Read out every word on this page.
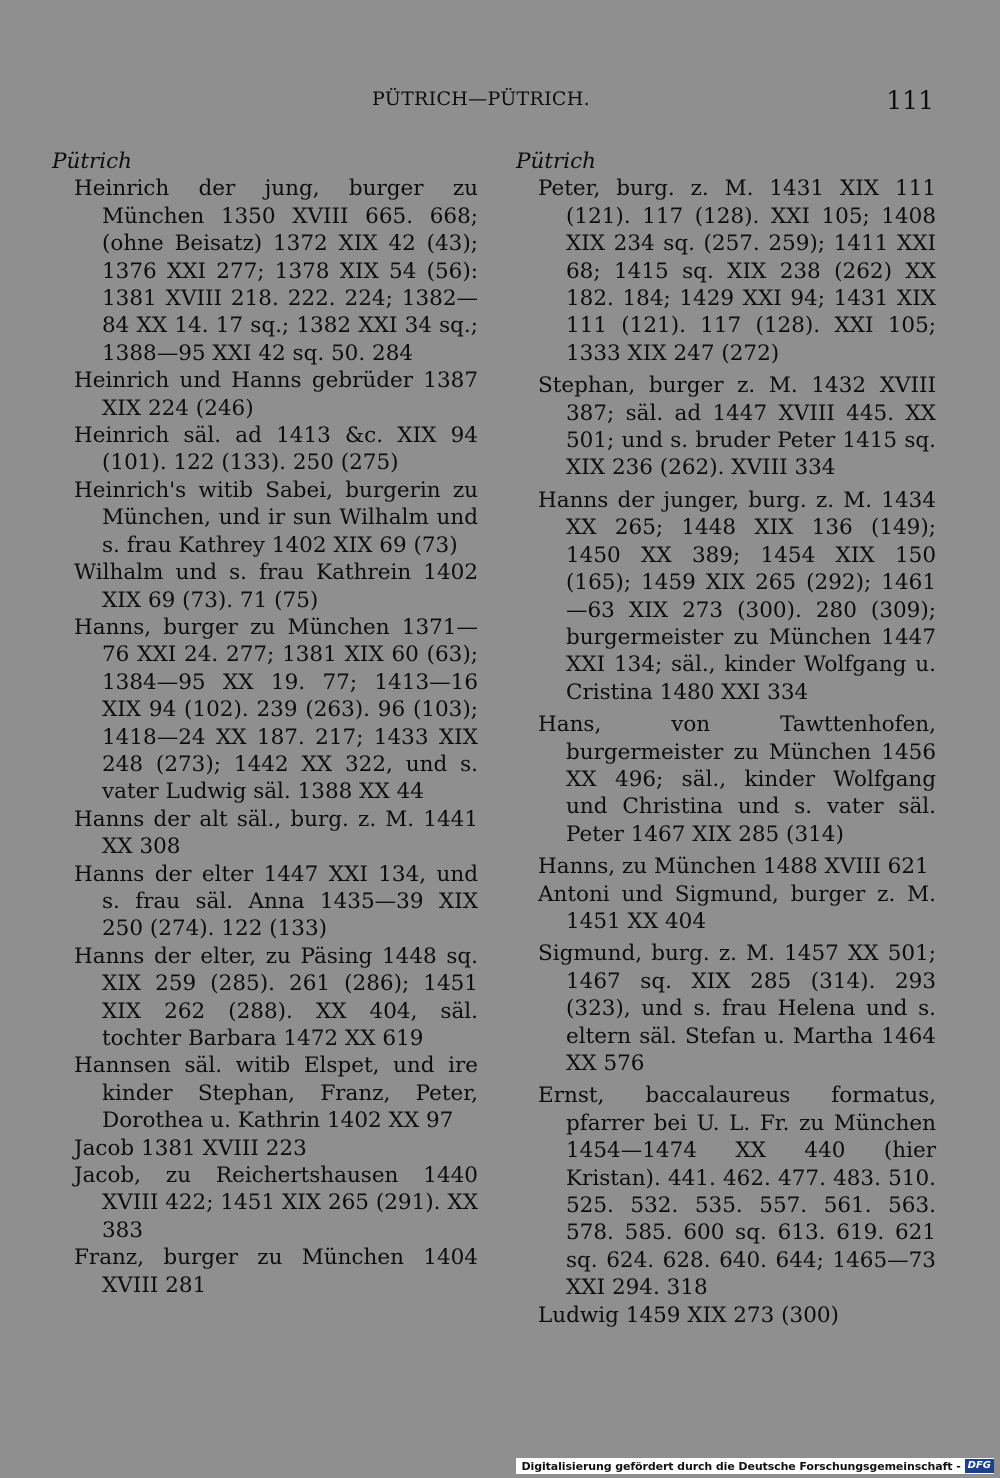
PÜTRICH—PÜTRICH.	111
Pütrich
Heinrich der jung, burger zu München 1350 XVIII 665. 668; (ohne Beisatz) 1372 XIX 42 (43); 1376 XXI 277; 1378 XIX 54 (56): 1381 XVIII 218. 222. 224; 1382—84 XX 14. 17 sq.; 1382 XXI 34 sq.; 1388—95 XXI 42 sq. 50. 284
Heinrich und Hanns gebrüder 1387 XIX 224 (246)
Heinrich säl. ad 1413 &c. XIX 94 (101). 122 (133). 250 (275)
Heinrich's witib Sabei, burgerin zu München, und ir sun Wilhalm und s. frau Kathrey 1402 XIX 69 (73)
Wilhalm und s. frau Kathrein 1402 XIX 69 (73). 71 (75)
Hanns, burger zu München 1371—76 XXI 24. 277; 1381 XIX 60 (63); 1384—95 XX 19. 77; 1413—16 XIX 94 (102). 239 (263). 96 (103); 1418—24 XX 187. 217; 1433 XIX 248 (273); 1442 XX 322, und s. vater Ludwig säl. 1388 XX 44
Hanns der alt säl., burg. z. M. 1441 XX 308
Hanns der elter 1447 XXI 134, und s. frau säl. Anna 1435—39 XIX 250 (274). 122 (133)
Hanns der elter, zu Päsing 1448 sq. XIX 259 (285). 261 (286); 1451 XIX 262 (288). XX 404, säl. tochter Barbara 1472 XX 619
Hannsen säl. witib Elspet, und ire kinder Stephan, Franz, Peter, Dorothea u. Kathrin 1402 XX 97
Jacob 1381 XVIII 223
Jacob, zu Reichertshausen 1440 XVIII 422; 1451 XIX 265 (291). XX 383
Franz, burger zu München 1404 XVIII 281
Pütrich
Peter, burg. z. M. 1431 XIX 111 (121). 117 (128). XXI 105; 1408 XIX 234 sq. (257. 259); 1411 XXI 68; 1415 sq. XIX 238 (262) XX 182. 184; 1429 XXI 94; 1431 XIX 111 (121). 117 (128). XXI 105; 1333 XIX 247 (272)
Stephan, burger z. M. 1432 XVIII 387; säl. ad 1447 XVIII 445. XX 501; und s. bruder Peter 1415 sq. XIX 236 (262). XVIII 334
Hanns der junger, burg. z. M. 1434 XX 265; 1448 XIX 136 (149); 1450 XX 389; 1454 XIX 150 (165); 1459 XIX 265 (292); 1461—63 XIX 273 (300). 280 (309); burgermeister zu München 1447 XXI 134; säl., kinder Wolfgang u. Cristina 1480 XXI 334
Hans, von Tawttenhofen, burgermeister zu München 1456 XX 496; säl., kinder Wolfgang und Christina und s. vater säl. Peter 1467 XIX 285 (314)
Hanns, zu München 1488 XVIII 621
Antoni und Sigmund, burger z. M. 1451 XX 404
Sigmund, burg. z. M. 1457 XX 501; 1467 sq. XIX 285 (314). 293 (323), und s. frau Helena und s. eltern säl. Stefan u. Martha 1464 XX 576
Ernst, baccalaureus formatus, pfarrer bei U. L. Fr. zu München 1454—1474 XX 440 (hier Kristan). 441. 462. 477. 483. 510. 525. 532. 535. 557. 561. 563. 578. 585. 600 sq. 613. 619. 621 sq. 624. 628. 640. 644; 1465—73 XXI 294. 318
Ludwig 1459 XIX 273 (300)
Digitalisierung gefördert durch die Deutsche Forschungsgemeinschaft - DFG
